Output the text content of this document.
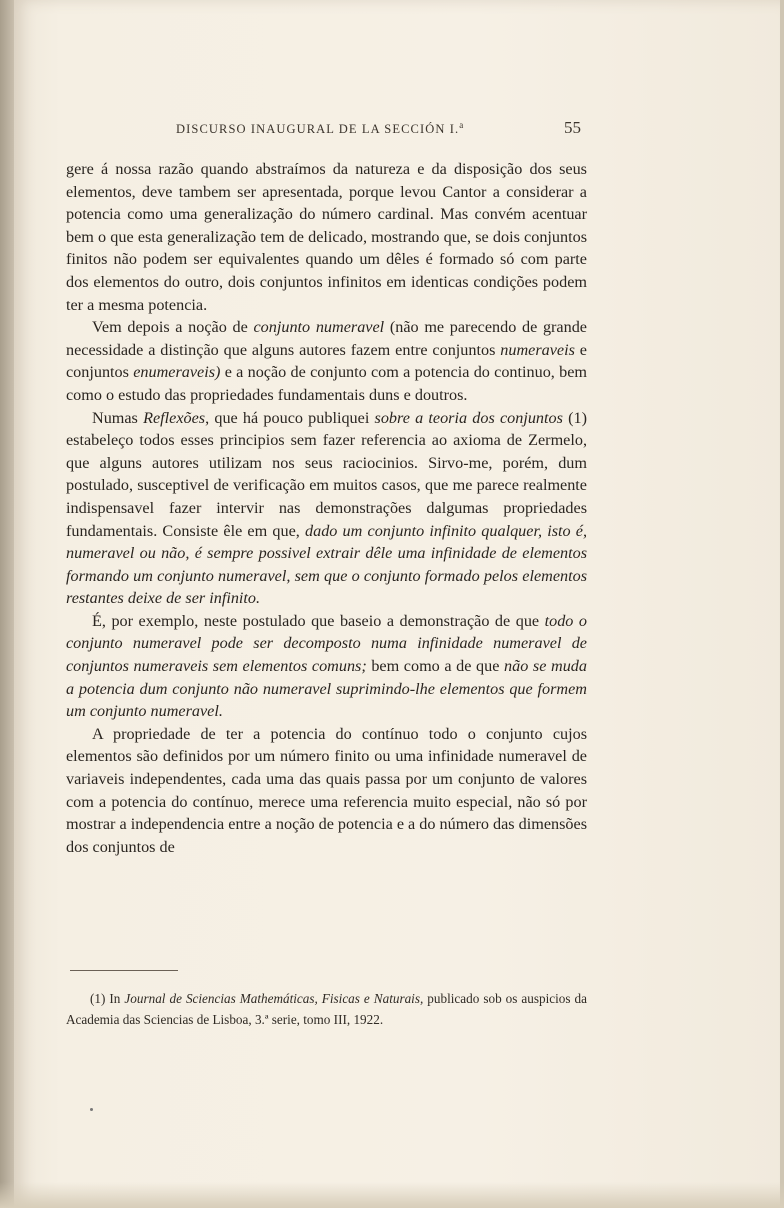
DISCURSO INAUGURAL DE LA SECCIÓN I.$^a$	55

gere á nossa razão quando abstraímos da natureza e da disposição dos seus elementos, deve tambem ser apresentada, porque levou Cantor a considerar a potencia como uma generalização do número cardinal. Mas convém acentuar bem o que esta generalização tem de delicado, mostrando que, se dois conjuntos finitos não podem ser equivalentes quando um dêles é formado só com parte dos elementos do outro, dois conjuntos infinitos em identicas condições podem ter a mesma potencia.

Vem depois a noção de conjunto numeravel (não me parecendo de grande necessidade a distinção que alguns autores fazem entre conjuntos numeraveis e conjuntos enumeraveis) e a noção de conjunto com a potencia do continuo, bem como o estudo das propriedades fundamentais duns e doutros.

Numas Reflexões, que há pouco publiquei sobre a teoria dos conjuntos (1) estabeleço todos esses principios sem fazer referencia ao axioma de Zermelo, que alguns autores utilizam nos seus raciocinios. Sirvo-me, porém, dum postulado, susceptivel de verificação em muitos casos, que me parece realmente indispensavel fazer intervir nas demonstrações dalgumas propriedades fundamentais. Consiste êle em que, dado um conjunto infinito qualquer, isto é, numeravel ou não, é sempre possivel extrair dêle uma infinidade de elementos formando um conjunto numeravel, sem que o conjunto formado pelos elementos restantes deixe de ser infinito.

É, por exemplo, neste postulado que baseio a demonstração de que todo o conjunto numeravel pode ser decomposto numa infinidade numeravel de conjuntos numeraveis sem elementos comuns; bem como a de que não se muda a potencia dum conjunto não numeravel suprimindo-lhe elementos que formem um conjunto numeravel.

A propriedade de ter a potencia do contínuo todo o conjunto cujos elementos são definidos por um número finito ou uma infinidade numeravel de variaveis independentes, cada uma das quais passa por um conjunto de valores com a potencia do contínuo, merece uma referencia muito especial, não só por mostrar a independencia entre a noção de potencia e a do número das dimensões dos conjuntos de

(1) In Journal de Sciencias Mathemáticas, Fisicas e Naturais, publicado sob os auspicios da Academia das Sciencias de Lisboa, 3.ª serie, tomo III, 1922.
